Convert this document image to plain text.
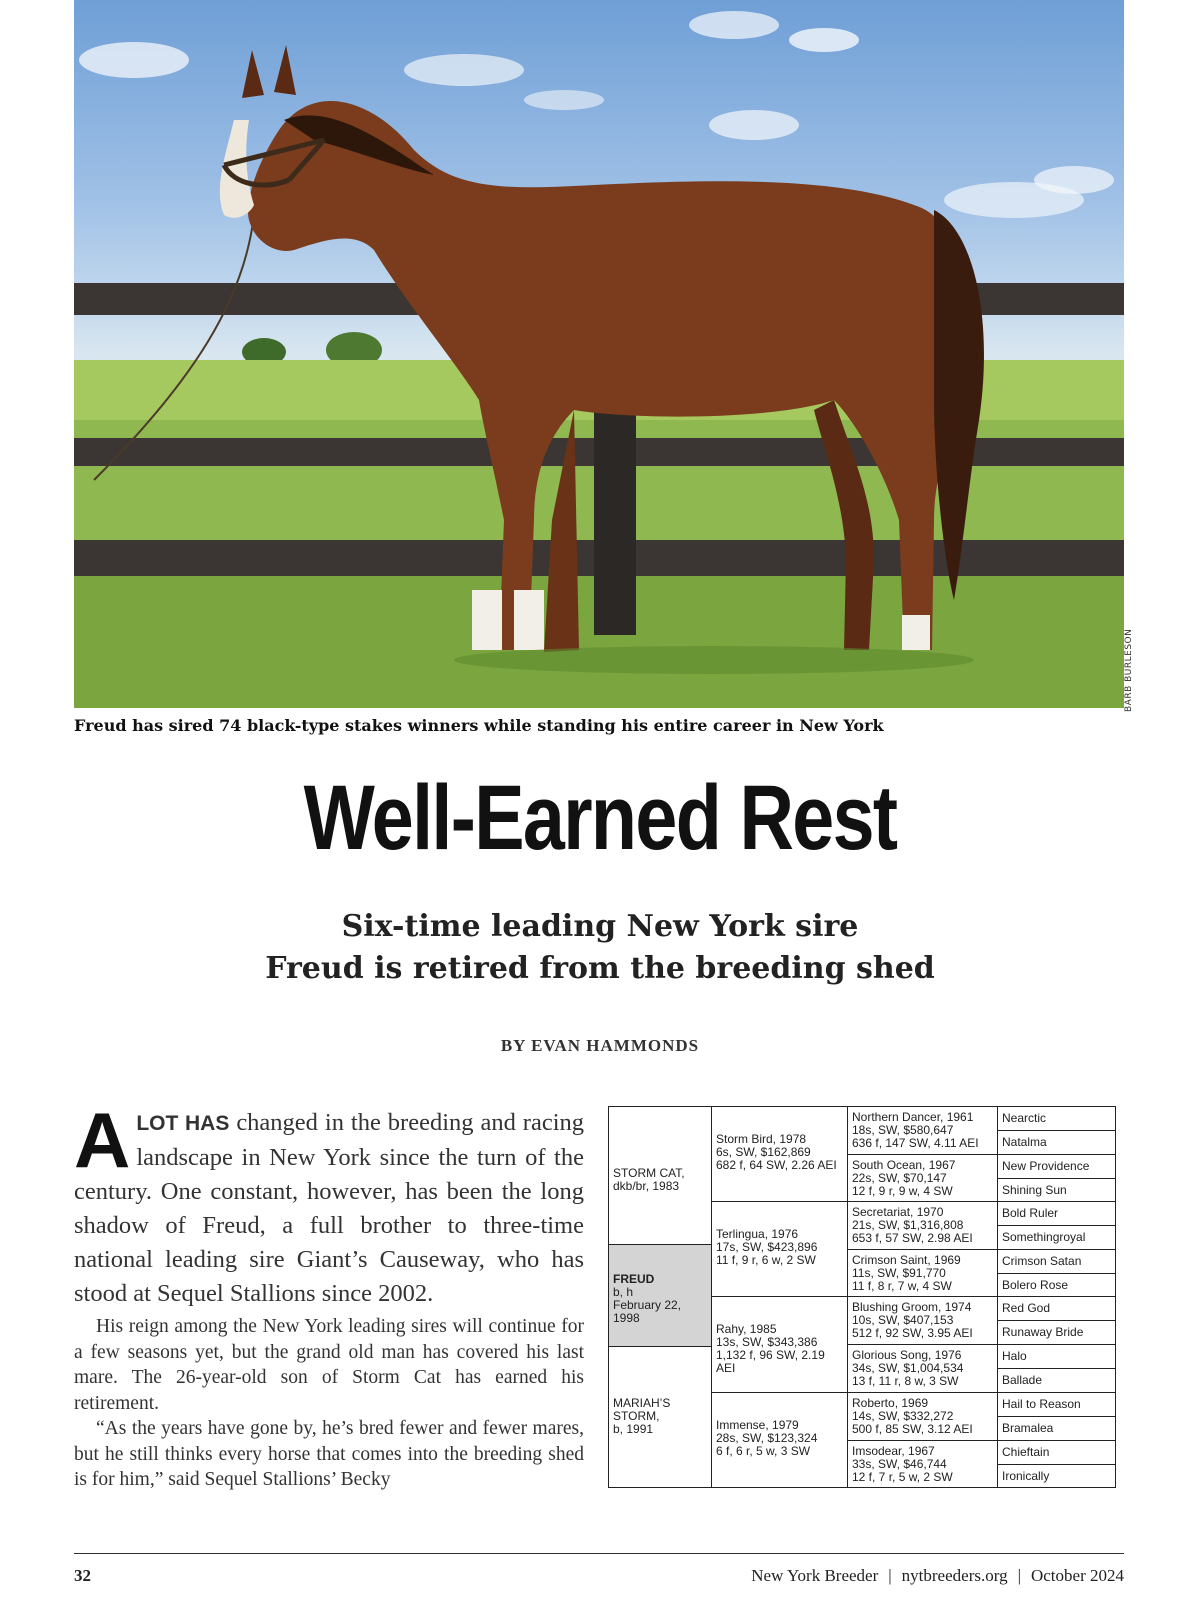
BARB BURLESON
Freud has sired 74 black-type stakes winners while standing his entire career in New York
Well-Earned Rest
Six-time leading New York sire
Freud is retired from the breeding shed
BY EVAN HAMMONDS
ALOT HAS changed in the breeding and racing landscape in New York since the turn of the century. One constant, however, has been the long shadow of Freud, a full brother to three-time national leading sire Giant’s Causeway, who has stood at Sequel Stallions since 2002.

His reign among the New York leading sires will continue for a few seasons yet, but the grand old man has covered his last mare. The 26-year-old son of Storm Cat has earned his retirement.

“As the years have gone by, he’s bred fewer and fewer mares, but he still thinks every horse that comes into the breeding shed is for him,” said Sequel Stallions’ Becky

STORM CAT,
dkb/br, 1983
FREUD
b, h
February 22,
1998
MARIAH’S
STORM,
b, 1991
Storm Bird, 1978
6s, SW, $162,869
682 f, 64 SW, 2.26 AEI
Terlingua, 1976
17s, SW, $423,896
11 f, 9 r, 6 w, 2 SW
Rahy, 1985
13s, SW, $343,386
1,132 f, 96 SW, 2.19 AEI
Immense, 1979
28s, SW, $123,324
6 f, 6 r, 5 w, 3 SW
Northern Dancer, 1961
18s, SW, $580,647
636 f, 147 SW, 4.11 AEI
South Ocean, 1967
22s, SW, $70,147
12 f, 9 r, 9 w, 4 SW
Secretariat, 1970
21s, SW, $1,316,808
653 f, 57 SW, 2.98 AEI
Crimson Saint, 1969
11s, SW, $91,770
11 f, 8 r, 7 w, 4 SW
Blushing Groom, 1974
10s, SW, $407,153
512 f, 92 SW, 3.95 AEI
Glorious Song, 1976
34s, SW, $1,004,534
13 f, 11 r, 8 w, 3 SW
Roberto, 1969
14s, SW, $332,272
500 f, 85 SW, 3.12 AEI
Imsodear, 1967
33s, SW, $46,744
12 f, 7 r, 5 w, 2 SW
Nearctic
Natalma
New Providence
Shining Sun
Bold Ruler
Somethingroyal
Crimson Satan
Bolero Rose
Red God
Runaway Bride
Halo
Ballade
Hail to Reason
Bramalea
Chieftain
Ironically
32	New York Breeder | nytbreeders.org | October 2024
